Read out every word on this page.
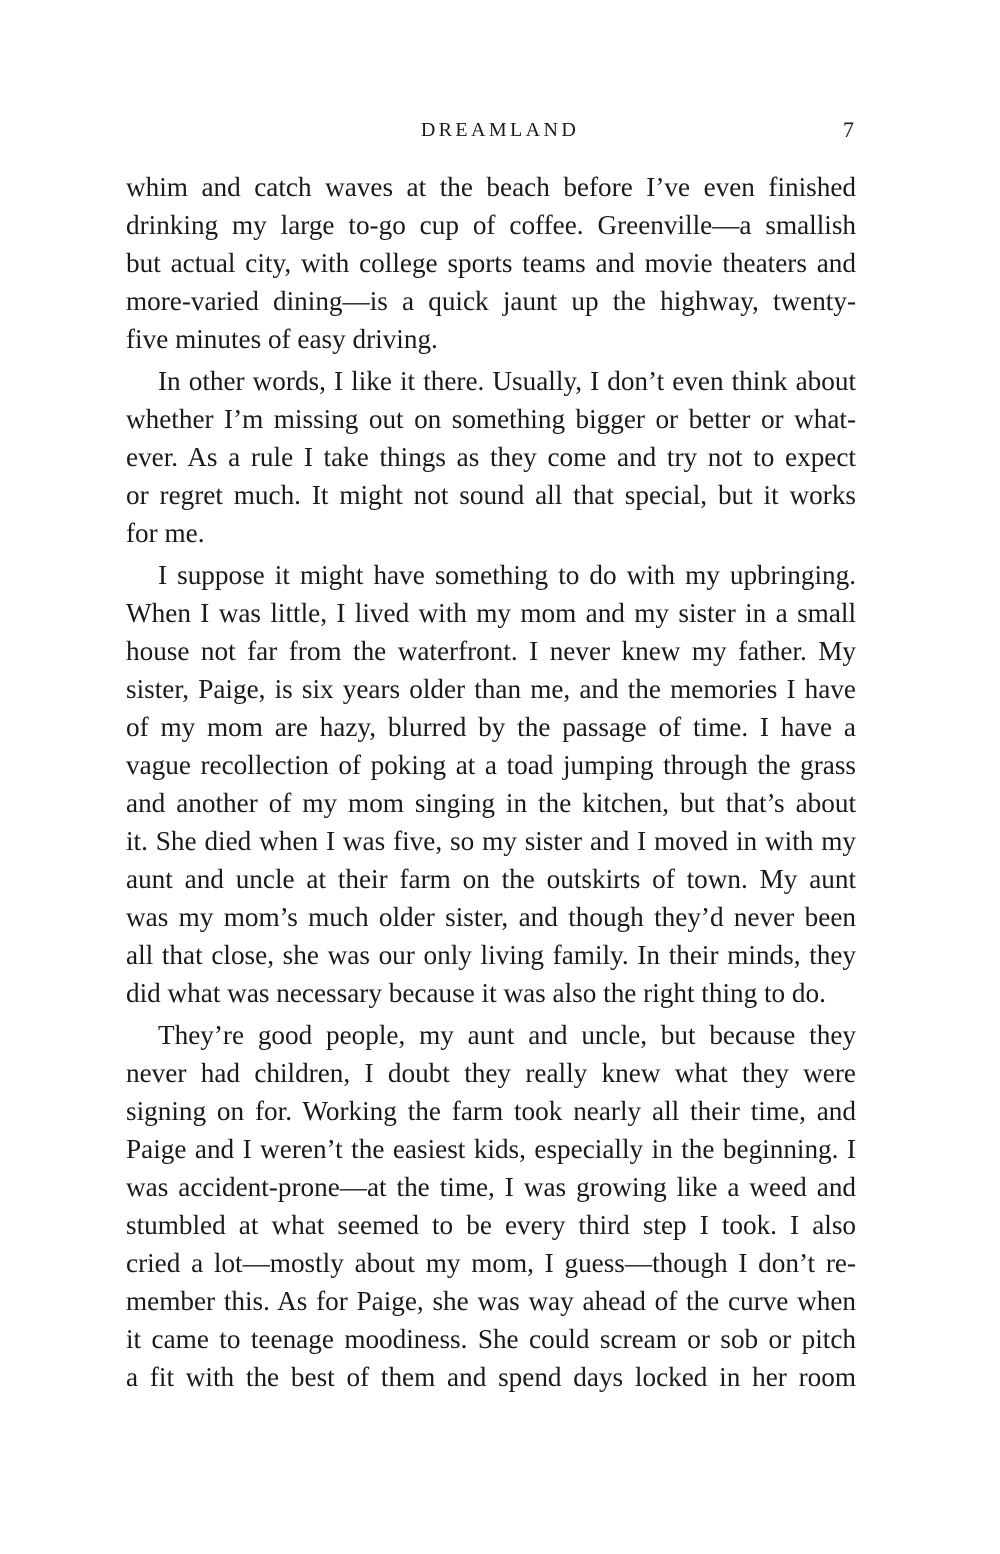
DREAMLAND	7
whim and catch waves at the beach before I’ve even finished
drinking my large to-go cup of coffee. Greenville—a smallish
but actual city, with college sports teams and movie theaters and
more-varied dining—is a quick jaunt up the highway, twenty-
five minutes of easy driving.
In other words, I like it there. Usually, I don’t even think about
whether I’m missing out on something bigger or better or what-
ever. As a rule I take things as they come and try not to expect
or regret much. It might not sound all that special, but it works
for me.
I suppose it might have something to do with my upbringing.
When I was little, I lived with my mom and my sister in a small
house not far from the waterfront. I never knew my father. My
sister, Paige, is six years older than me, and the memories I have
of my mom are hazy, blurred by the passage of time. I have a
vague recollection of poking at a toad jumping through the grass
and another of my mom singing in the kitchen, but that’s about
it. She died when I was five, so my sister and I moved in with my
aunt and uncle at their farm on the outskirts of town. My aunt
was my mom’s much older sister, and though they’d never been
all that close, she was our only living family. In their minds, they
did what was necessary because it was also the right thing to do.
They’re good people, my aunt and uncle, but because they
never had children, I doubt they really knew what they were
signing on for. Working the farm took nearly all their time, and
Paige and I weren’t the easiest kids, especially in the beginning. I
was accident-prone—at the time, I was growing like a weed and
stumbled at what seemed to be every third step I took. I also
cried a lot—mostly about my mom, I guess—though I don’t re-
member this. As for Paige, she was way ahead of the curve when
it came to teenage moodiness. She could scream or sob or pitch
a fit with the best of them and spend days locked in her room
